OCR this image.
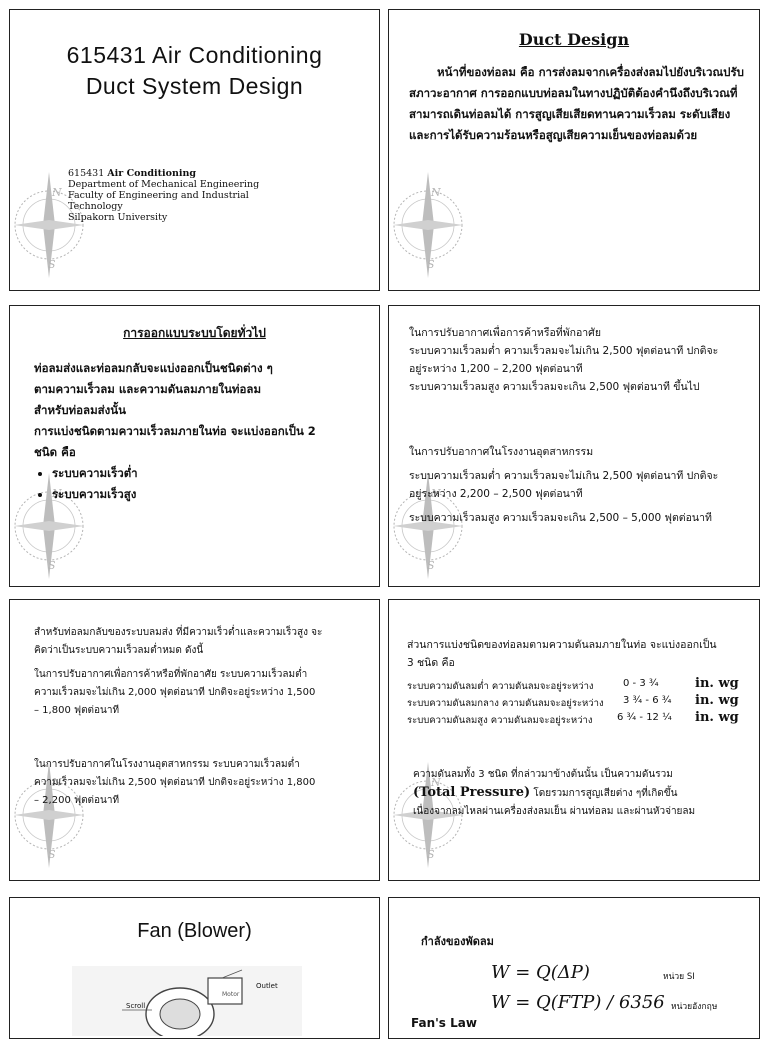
615431 Air Conditioning
Duct System Design
615431 Air Conditioning
Department of Mechanical Engineering
Faculty of Engineering and Industrial
Technology
Silpakorn University
Duct Design
หน้าที่ของท่อลม คือ การส่งลมจากเครื่องส่งลมไปยังบริเวณปรับสภาวะอากาศ การออกแบบท่อลมในทางปฏิบัติต้องคำนึงถึงบริเวณที่สามารถเดินท่อลมได้ การสูญเสียเสียดทานความเร็วลม ระดับเสียง และการได้รับความร้อนหรือสูญเสียความเย็นของท่อลมด้วย
การออกแบบระบบโดยทั่วไป
ท่อลมส่งและท่อลมกลับจะแบ่งออกเป็นชนิดต่าง ๆ
ตามความเร็วลม และความดันลมภายในท่อลม
สำหรับท่อลมส่งนั้น
การแบ่งชนิดตามความเร็วลมภายในท่อ จะแบ่งออกเป็น 2
ชนิด คือ
• ระบบความเร็วต่ำ
• ระบบความเร็วสูง
ในการปรับอากาศเพื่อการค้าหรือที่พักอาศัย
ระบบความเร็วลมต่ำ ความเร็วลมจะไม่เกิน 2,500 ฟุตต่อนาที ปกติจะ
อยู่ระหว่าง 1,200 – 2,200 ฟุตต่อนาที
ระบบความเร็วลมสูง ความเร็วลมจะเกิน 2,500 ฟุตต่อนาที ขึ้นไป
ในการปรับอากาศในโรงงานอุตสาหกรรม
ระบบความเร็วลมต่ำ ความเร็วลมจะไม่เกิน 2,500 ฟุตต่อนาที ปกติจะ
อยู่ระหว่าง 2,200 – 2,500 ฟุตต่อนาที
ระบบความเร็วลมสูง ความเร็วลมจะเกิน 2,500 – 5,000 ฟุตต่อนาที
สำหรับท่อลมกลับของระบบลมส่ง ที่มีความเร็วต่ำและความเร็วสูง จะ
คิดว่าเป็นระบบความเร็วลมต่ำหมด ดังนี้
ในการปรับอากาศเพื่อการค้าหรือที่พักอาศัย ระบบความเร็วลมต่ำ
ความเร็วลมจะไม่เกิน 2,000 ฟุตต่อนาที ปกติจะอยู่ระหว่าง 1,500
– 1,800 ฟุตต่อนาที
ในการปรับอากาศในโรงงานอุตสาหกรรม ระบบความเร็วลมต่ำ
ความเร็วลมจะไม่เกิน 2,500 ฟุตต่อนาที ปกติจะอยู่ระหว่าง 1,800
– 2,200 ฟุตต่อนาที
ส่วนการแบ่งชนิดของท่อลมตามความดันลมภายในท่อ จะแบ่งออกเป็น
3 ชนิด คือ
ระบบความดันลมต่ำ ความดันลมจะอยู่ระหว่าง	0 - 3 ¾	in. wg
ระบบความดันลมกลาง ความดันลมจะอยู่ระหว่าง 3 ¾ - 6 ¾ in. wg
ระบบความดันลมสูง ความดันลมจะอยู่ระหว่าง 6 ¾ - 12 ¼ in. wg
ความดันลมทั้ง 3 ชนิด ที่กล่าวมาข้างต้นนั้น เป็นความดันรวม
(Total Pressure) โดยรวมการสูญเสียต่าง ๆที่เกิดขึ้น
เนื่องจากลมไหลผ่านเครื่องส่งลมเย็น ผ่านท่อลม และผ่านหัวจ่ายลม
Fan (Blower)
Motor
Scroll
Outlet
กำลังของพัดลม
W = Q(ΔP)	หน่วย SI
W = Q(FTP) / 6356 หน่วยอังกฤษ
Fan's Law
